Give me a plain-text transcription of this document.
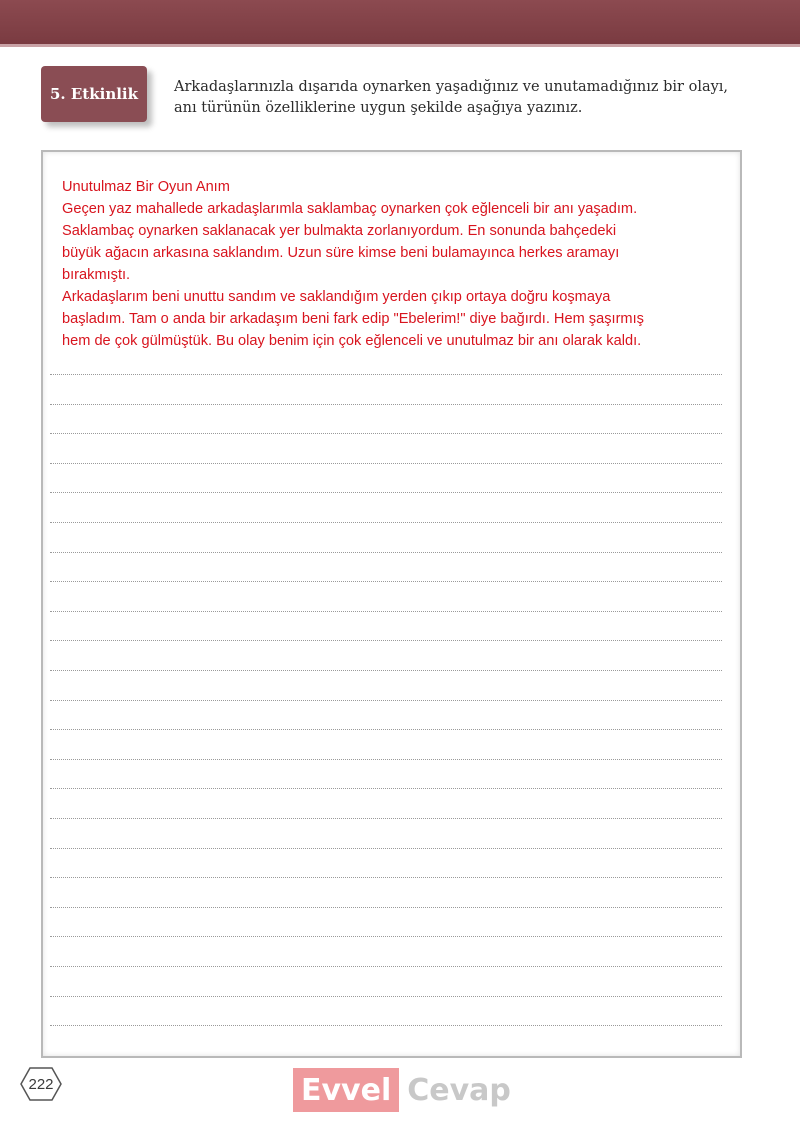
5. Etkinlik	Arkadaşlarınızla dışarıda oynarken yaşadığınız ve unutamadığınız bir olayı,
anı türünün özelliklerine uygun şekilde aşağıya yazınız.
Unutulmaz Bir Oyun Anım
Geçen yaz mahallede arkadaşlarımla saklambaç oynarken çok eğlenceli bir anı yaşadım.
Saklambaç oynarken saklanacak yer bulmakta zorlanıyordum. En sonunda bahçedeki
büyük ağacın arkasına saklandım. Uzun süre kimse beni bulamayınca herkes aramayı
bırakmıştı.
Arkadaşlarım beni unuttu sandım ve saklandığım yerden çıkıp ortaya doğru koşmaya
başladım. Tam o anda bir arkadaşım beni fark edip "Ebelerim!" diye bağırdı. Hem şaşırmış
hem de çok gülmüştük. Bu olay benim için çok eğlenceli ve unutulmaz bir anı olarak kaldı.
222	Evvel Cevap
